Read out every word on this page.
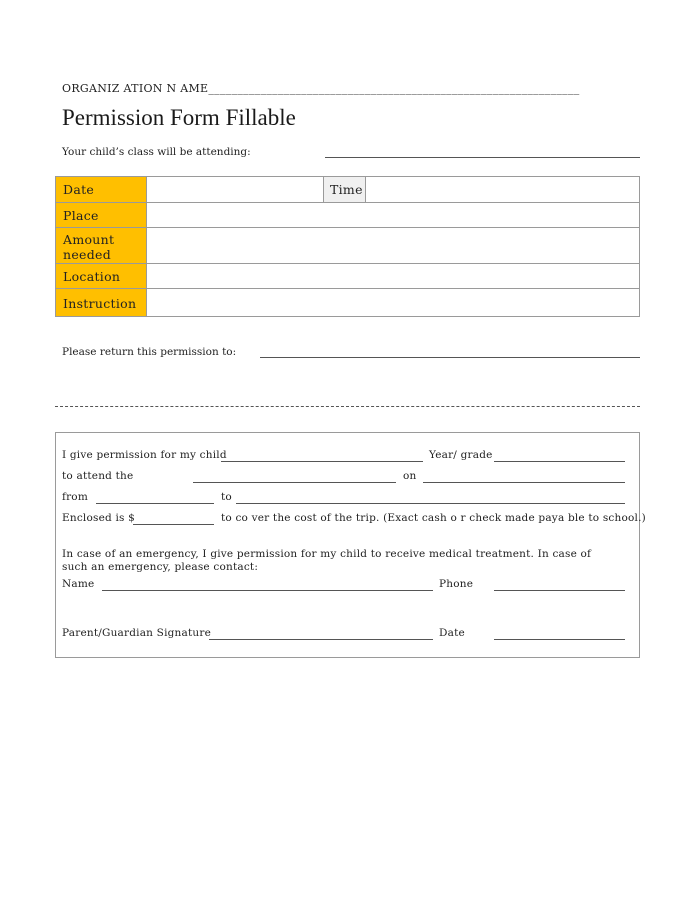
ORGANIZ ATION N AME________________________________________________________________
Permission Form Fillable
Your child’s class will be attending:
Date	Time
Place
Amount needed
Location
Instruction
Please return this permission to:
I give permission for my child	Year/ grade
to attend the	on
from	to
Enclosed is $	to co ver the cost of the trip. (Exact cash o r check made paya ble to school.)
In case of an emergency, I give permission for my child to receive medical treatment. In case of such an emergency, please contact:
Name	Phone
Parent/Guardian Signature	Date
